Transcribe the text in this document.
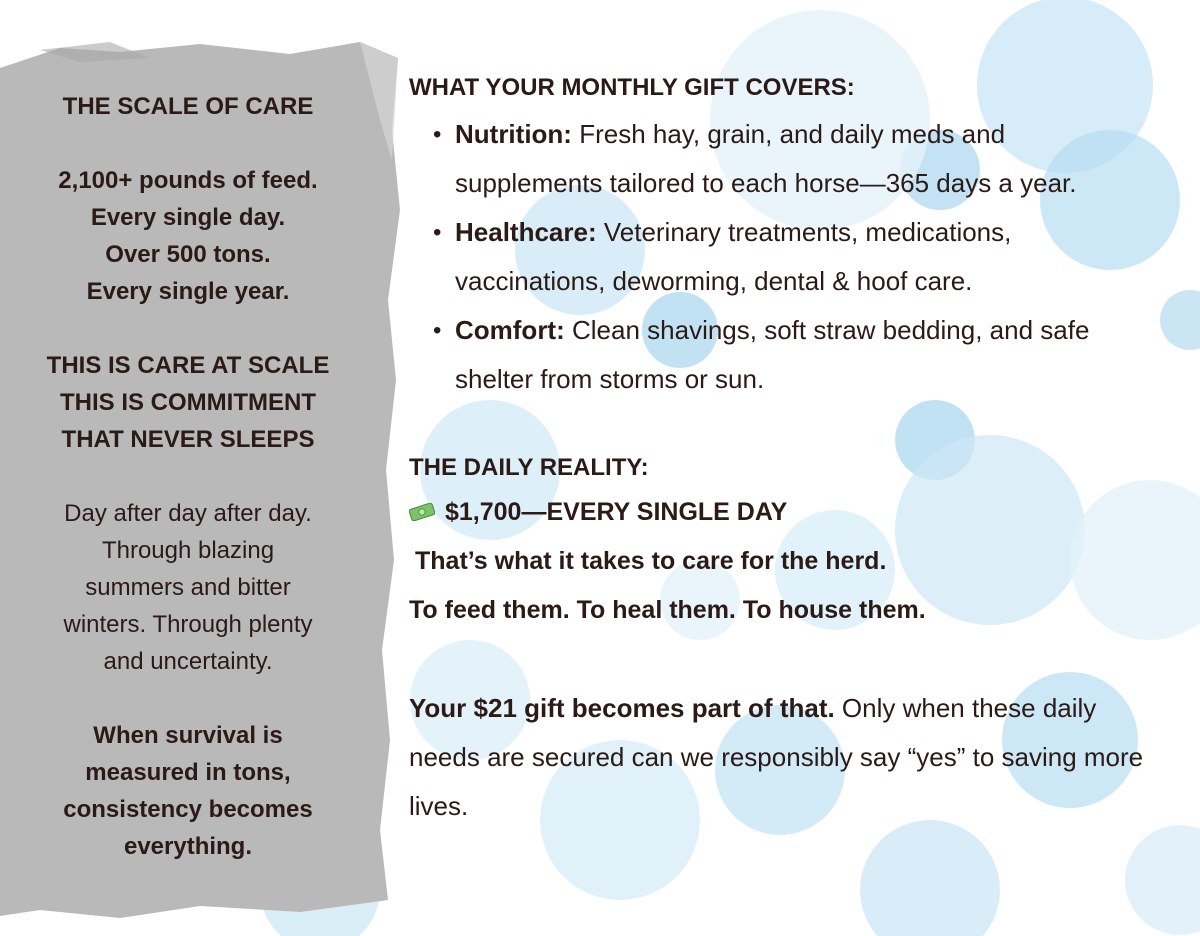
THE SCALE OF CARE

2,100+ pounds of feed.

Every single day.

Over 500 tons.

Every single year.

THIS IS CARE AT SCALE

THIS IS COMMITMENT

THAT NEVER SLEEPS

Day after day after day.

Through blazing

summers and bitter

winters. Through plenty

and uncertainty.

When survival is

measured in tons,

consistency becomes

everything.

WHAT YOUR MONTHLY GIFT COVERS:

• Nutrition: Fresh hay, grain, and daily meds and supplements tailored to each horse—365 days a year.
• Healthcare: Veterinary treatments, medications, vaccinations, deworming, dental & hoof care.
• Comfort: Clean shavings, soft straw bedding, and safe shelter from storms or sun.

THE DAILY REALITY:

$1,700—EVERY SINGLE DAY

That’s what it takes to care for the herd.

To feed them. To heal them. To house them.

Your $21 gift becomes part of that. Only when these daily needs are secured can we responsibly say “yes” to saving more lives.
